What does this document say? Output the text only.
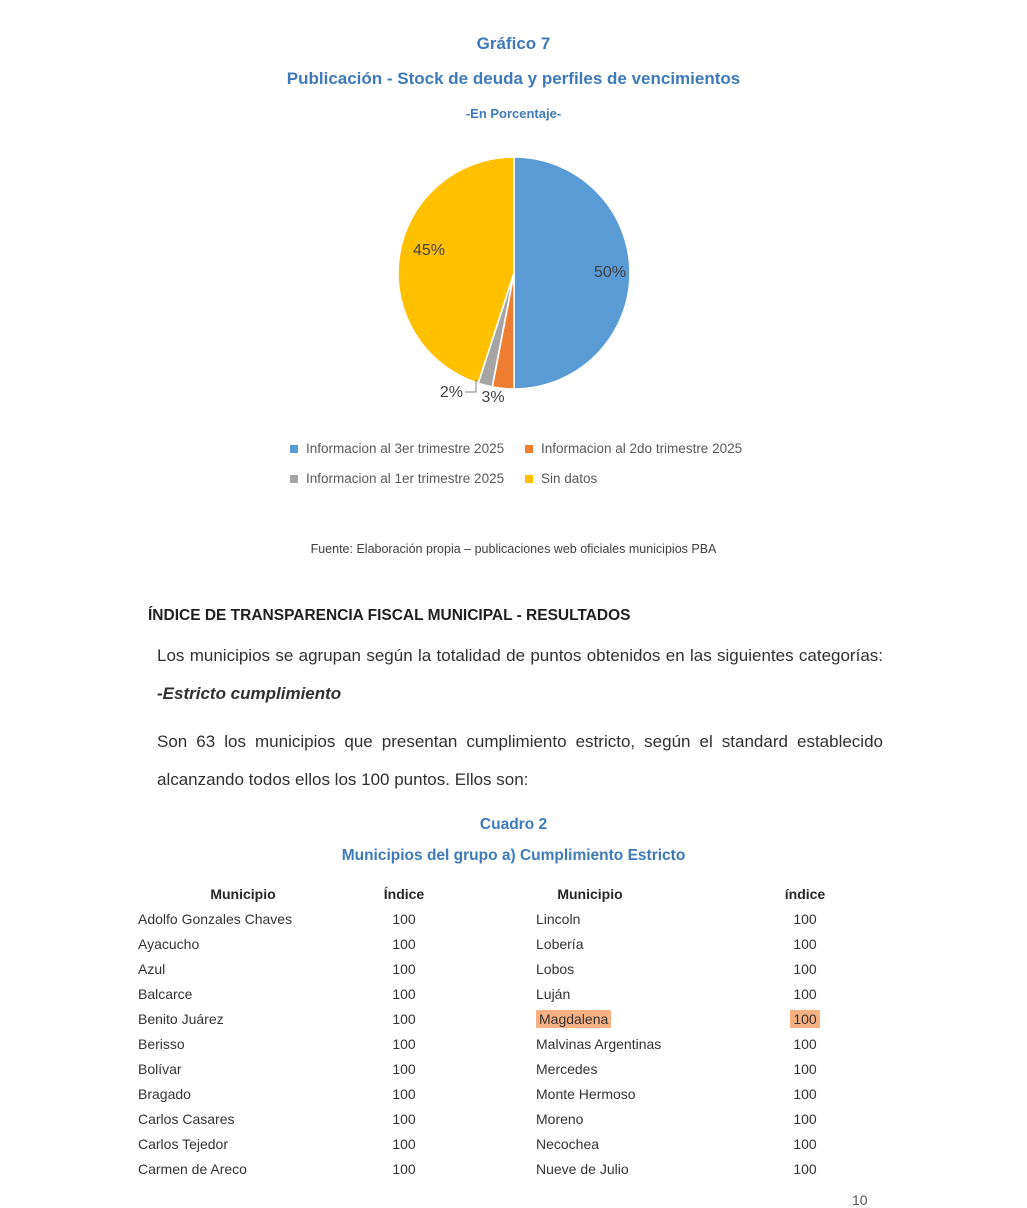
Gráfico 7
Publicación - Stock de deuda y perfiles de vencimientos
-En Porcentaje-
50%
3%
2%
45%
Informacion al 3er trimestre 2025	Informacion al 2do trimestre 2025
Informacion al 1er trimestre 2025	Sin datos
Fuente: Elaboración propia – publicaciones web oficiales municipios PBA
ÍNDICE DE TRANSPARENCIA FISCAL MUNICIPAL - RESULTADOS

Los municipios se agrupan según la totalidad de puntos obtenidos en las siguientes categorías: -Estricto cumplimiento

Son 63 los municipios que presentan cumplimiento estricto, según el standard establecido alcanzando todos ellos los 100 puntos. Ellos son:

Cuadro 2
Municipios del grupo a) Cumplimiento Estricto
Municipio	Índice	Municipio	índice
Adolfo Gonzales Chaves	100	Lincoln	100
Ayacucho	100	Lobería	100
Azul	100	Lobos	100
Balcarce	100	Luján	100
Benito Juárez	100	Magdalena	100
Berisso	100	Malvinas Argentinas	100
Bolívar	100	Mercedes	100
Bragado	100	Monte Hermoso	100
Carlos Casares	100	Moreno	100
Carlos Tejedor	100	Necochea	100
Carmen de Areco	100	Nueve de Julio	100
10
